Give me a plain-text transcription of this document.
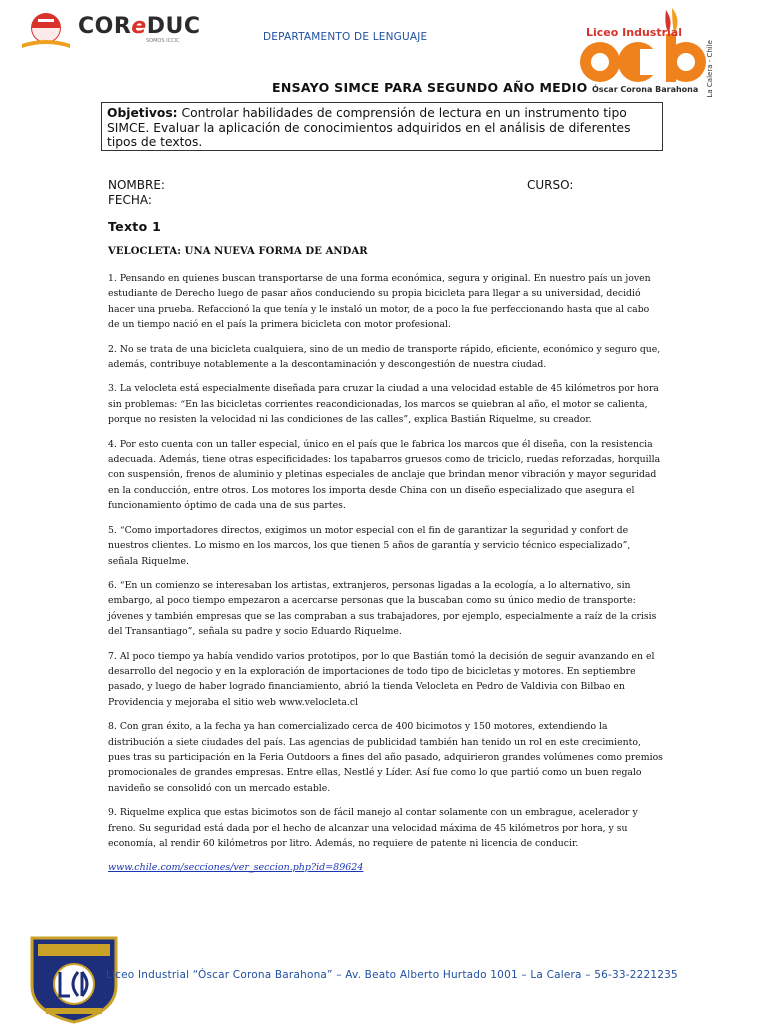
COReDUC
SOMOS ICCIC	DEPARTAMENTO DE LENGUAJE	Liceo Industrial
Óscar Corona Barahona La Calera - Chile
ENSAYO SIMCE PARA SEGUNDO AÑO MEDIO
Objetivos: Controlar habilidades de comprensión de lectura en un instrumento tipo SIMCE. Evaluar la aplicación de conocimientos adquiridos en el análisis de diferentes tipos de textos.
NOMBRE:	CURSO:
FECHA:
Texto 1
VELOCLETA: UNA NUEVA FORMA DE ANDAR

1. Pensando en quienes buscan transportarse de una forma económica, segura y original. En nuestro país un joven estudiante de Derecho luego de pasar años conduciendo su propia bicicleta para llegar a su universidad, decidió hacer una prueba. Refaccionó la que tenía y le instaló un motor, de a poco la fue perfeccionando hasta que al cabo de un tiempo nació en el país la primera bicicleta con motor profesional.

2. No se trata de una bicicleta cualquiera, sino de un medio de transporte rápido, eficiente, económico y seguro que, además, contribuye notablemente a la descontaminación y descongestión de nuestra ciudad.

3. La velocleta está especialmente diseñada para cruzar la ciudad a una velocidad estable de 45 kilómetros por hora sin problemas: “En las bicicletas corrientes reacondicionadas, los marcos se quiebran al año, el motor se calienta, porque no resisten la velocidad ni las condiciones de las calles”, explica Bastián Riquelme, su creador.

4. Por esto cuenta con un taller especial, único en el país que le fabrica los marcos que él diseña, con la resistencia adecuada. Además, tiene otras especificidades: los tapabarros gruesos como de triciclo, ruedas reforzadas, horquilla con suspensión, frenos de aluminio y pletinas especiales de anclaje que brindan menor vibración y mayor seguridad en la conducción, entre otros. Los motores los importa desde China con un diseño especializado que asegura el funcionamiento óptimo de cada una de sus partes.

5. “Como importadores directos, exigimos un motor especial con el fin de garantizar la seguridad y confort de nuestros clientes. Lo mismo en los marcos, los que tienen 5 años de garantía y servicio técnico especializado”, señala Riquelme.

6. “En un comienzo se interesaban los artistas, extranjeros, personas ligadas a la ecología, a lo alternativo, sin embargo, al poco tiempo empezaron a acercarse personas que la buscaban como su único medio de transporte: jóvenes y también empresas que se las compraban a sus trabajadores, por ejemplo, especialmente a raíz de la crisis del Transantiago”, señala su padre y socio Eduardo Riquelme.

7. Al poco tiempo ya había vendido varios prototipos, por lo que Bastián tomó la decisión de seguir avanzando en el desarrollo del negocio y en la exploración de importaciones de todo tipo de bicicletas y motores. En septiembre pasado, y luego de haber logrado financiamiento, abrió la tienda Velocleta en Pedro de Valdivia con Bilbao en Providencia y mejoraba el sitio web www.velocleta.cl

8. Con gran éxito, a la fecha ya han comercializado cerca de 400 bicimotos y 150 motores, extendiendo la distribución a siete ciudades del país. Las agencias de publicidad también han tenido un rol en este crecimiento, pues tras su participación en la Feria Outdoors a fines del año pasado, adquirieron grandes volúmenes como premios promocionales de grandes empresas. Entre ellas, Nestlé y Líder. Así fue como lo que partió como un buen regalo navideño se consolidó con un mercado estable.

9. Riquelme explica que estas bicimotos son de fácil manejo al contar solamente con un embrague, acelerador y freno. Su seguridad está dada por el hecho de alcanzar una velocidad máxima de 45 kilómetros por hora, y su economía, al rendir 60 kilómetros por litro. Además, no requiere de patente ni licencia de conducir.

www.chile.com/secciones/ver_seccion.php?id=89624
Liceo Industrial “Óscar Corona Barahona” – Av. Beato Alberto Hurtado 1001 – La Calera – 56-33-2221235
